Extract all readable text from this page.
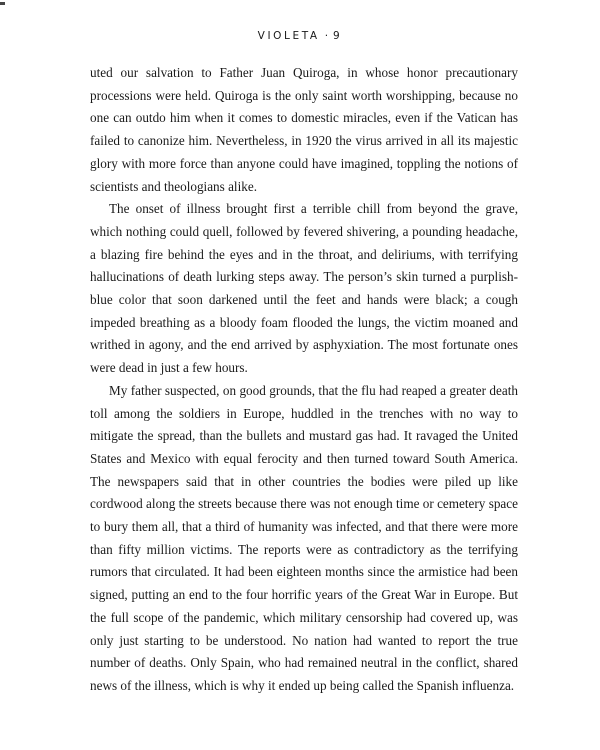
VIOLETA · 9

uted our salvation to Father Juan Quiroga, in whose honor precautionary processions were held. Quiroga is the only saint worth worshipping, because no one can outdo him when it comes to domestic miracles, even if the Vatican has failed to canonize him. Nevertheless, in 1920 the virus arrived in all its majestic glory with more force than anyone could have imagined, toppling the notions of scientists and theologians alike.

The onset of illness brought first a terrible chill from beyond the grave, which nothing could quell, followed by fevered shivering, a pounding headache, a blazing fire behind the eyes and in the throat, and deliriums, with terrifying hallucinations of death lurking steps away. The person’s skin turned a purplish-blue color that soon darkened until the feet and hands were black; a cough impeded breathing as a bloody foam flooded the lungs, the victim moaned and writhed in agony, and the end arrived by asphyxiation. The most fortunate ones were dead in just a few hours.

My father suspected, on good grounds, that the flu had reaped a greater death toll among the soldiers in Europe, huddled in the trenches with no way to mitigate the spread, than the bullets and mustard gas had. It ravaged the United States and Mexico with equal ferocity and then turned toward South America. The newspapers said that in other countries the bodies were piled up like cordwood along the streets because there was not enough time or cemetery space to bury them all, that a third of humanity was infected, and that there were more than fifty million victims. The reports were as contradictory as the terrifying rumors that circulated. It had been eighteen months since the armistice had been signed, putting an end to the four horrific years of the Great War in Europe. But the full scope of the pandemic, which military censorship had covered up, was only just starting to be understood. No nation had wanted to report the true number of deaths. Only Spain, who had remained neutral in the conflict, shared news of the illness, which is why it ended up being called the Spanish influenza.
